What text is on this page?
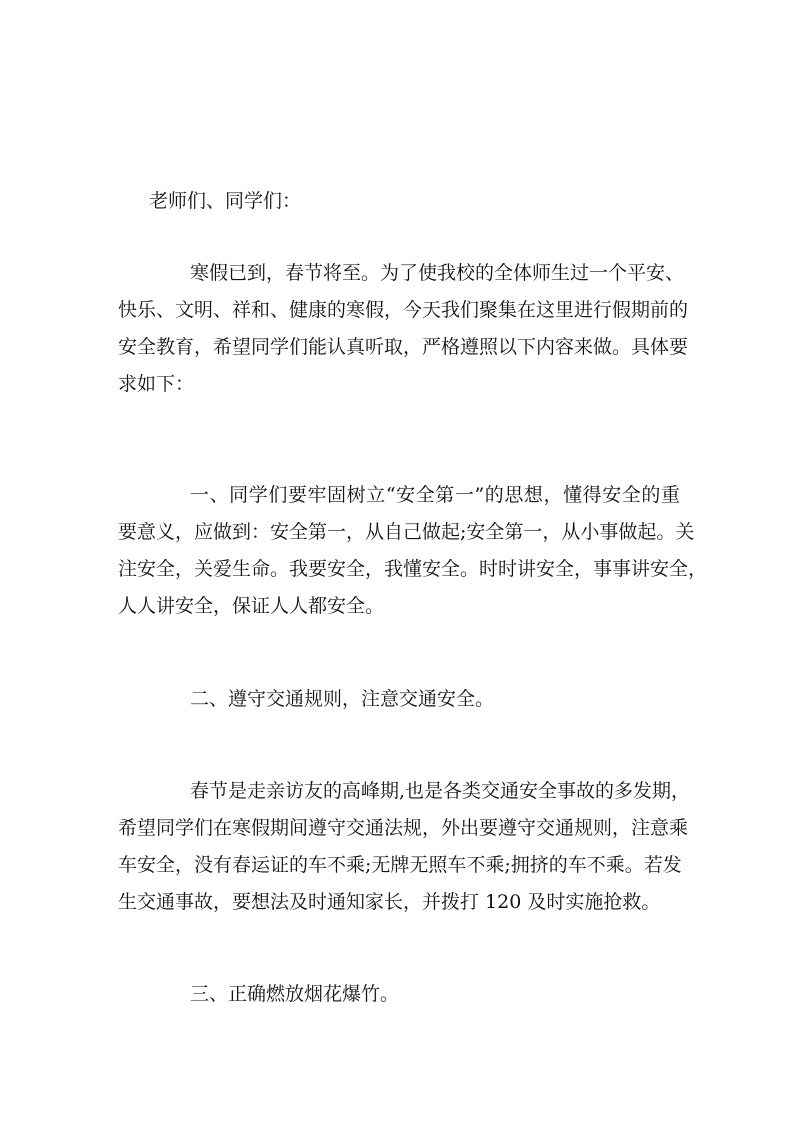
老师们、同学们：
寒假已到，春节将至。为了使我校的全体师生过一个平安、
快乐、文明、祥和、健康的寒假，今天我们聚集在这里进行假期前的
安全教育，希望同学们能认真听取，严格遵照以下内容来做。具体要
求如下：
一、同学们要牢固树立“安全第一”的思想，懂得安全的重
要意义，应做到：安全第一，从自己做起;安全第一，从小事做起。关
注安全，关爱生命。我要安全，我懂安全。时时讲安全，事事讲安全，
人人讲安全，保证人人都安全。
二、遵守交通规则，注意交通安全。
春节是走亲访友的高峰期,也是各类交通安全事故的多发期，
希望同学们在寒假期间遵守交通法规，外出要遵守交通规则，注意乘
车安全，没有春运证的车不乘;无牌无照车不乘;拥挤的车不乘。若发
生交通事故，要想法及时通知家长，并拨打 120 及时实施抢救。
三、正确燃放烟花爆竹。
